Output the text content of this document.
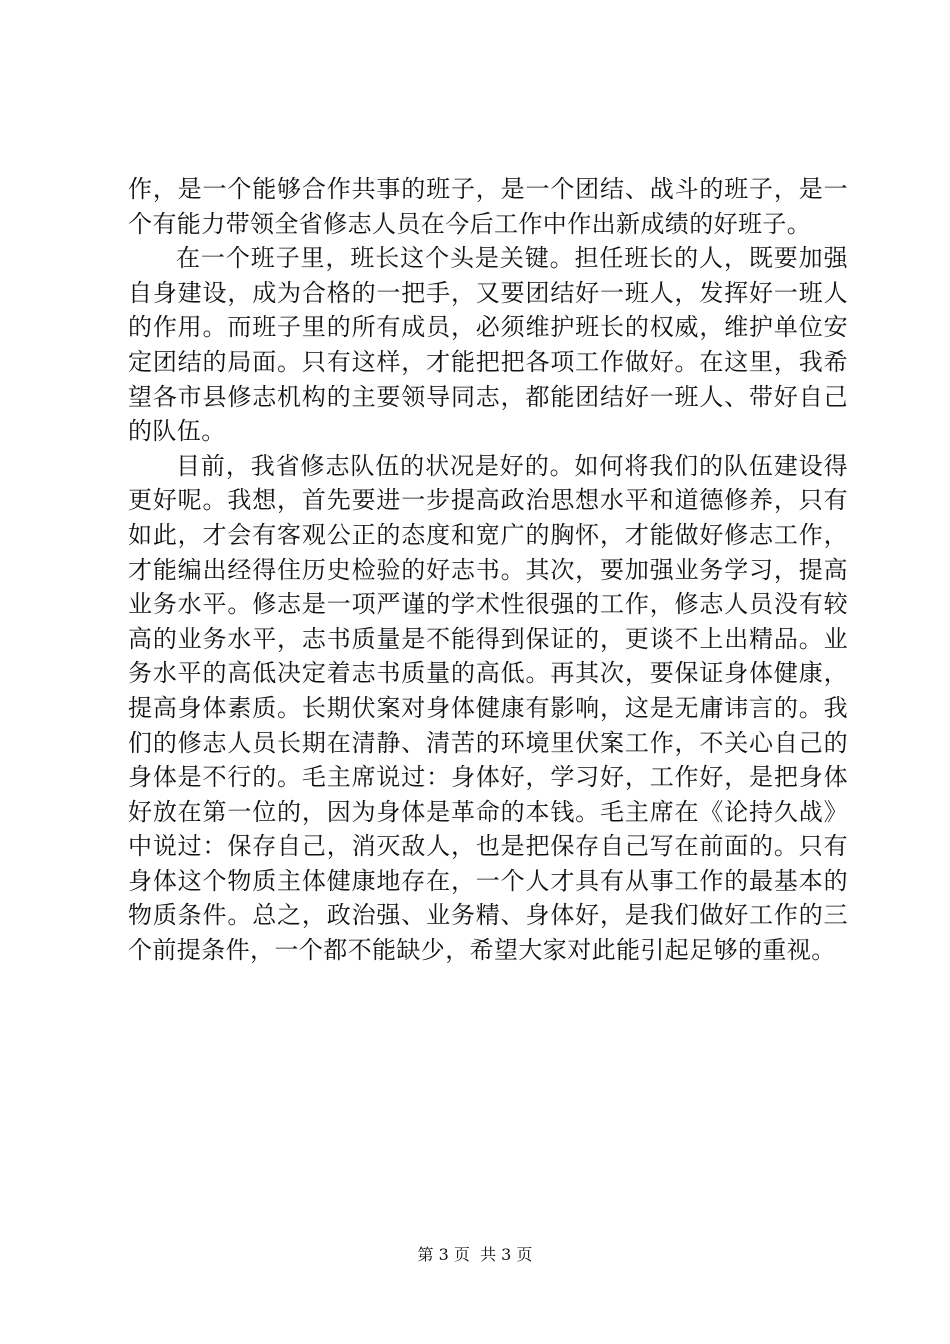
作，是一个能够合作共事的班子，是一个团结、战斗的班子，是一个有能力带领全省修志人员在今后工作中作出新成绩的好班子。

在一个班子里，班长这个头是关键。担任班长的人，既要加强自身建设，成为合格的一把手，又要团结好一班人，发挥好一班人的作用。而班子里的所有成员，必须维护班长的权威，维护单位安定团结的局面。只有这样，才能把把各项工作做好。在这里，我希望各市县修志机构的主要领导同志，都能团结好一班人、带好自己的队伍。

目前，我省修志队伍的状况是好的。如何将我们的队伍建设得更好呢。我想，首先要进一步提高政治思想水平和道德修养，只有如此，才会有客观公正的态度和宽广的胸怀，才能做好修志工作，才能编出经得住历史检验的好志书。其次，要加强业务学习，提高业务水平。修志是一项严谨的学术性很强的工作，修志人员没有较高的业务水平，志书质量是不能得到保证的，更谈不上出精品。业务水平的高低决定着志书质量的高低。再其次，要保证身体健康，提高身体素质。长期伏案对身体健康有影响，这是无庸讳言的。我们的修志人员长期在清静、清苦的环境里伏案工作，不关心自己的身体是不行的。毛主席说过：身体好，学习好，工作好，是把身体好放在第一位的，因为身体是革命的本钱。毛主席在《论持久战》中说过：保存自己，消灭敌人，也是把保存自己写在前面的。只有身体这个物质主体健康地存在，一个人才具有从事工作的最基本的物质条件。总之，政治强、业务精、身体好，是我们做好工作的三个前提条件，一个都不能缺少，希望大家对此能引起足够的重视。

第 3 页  共 3 页
